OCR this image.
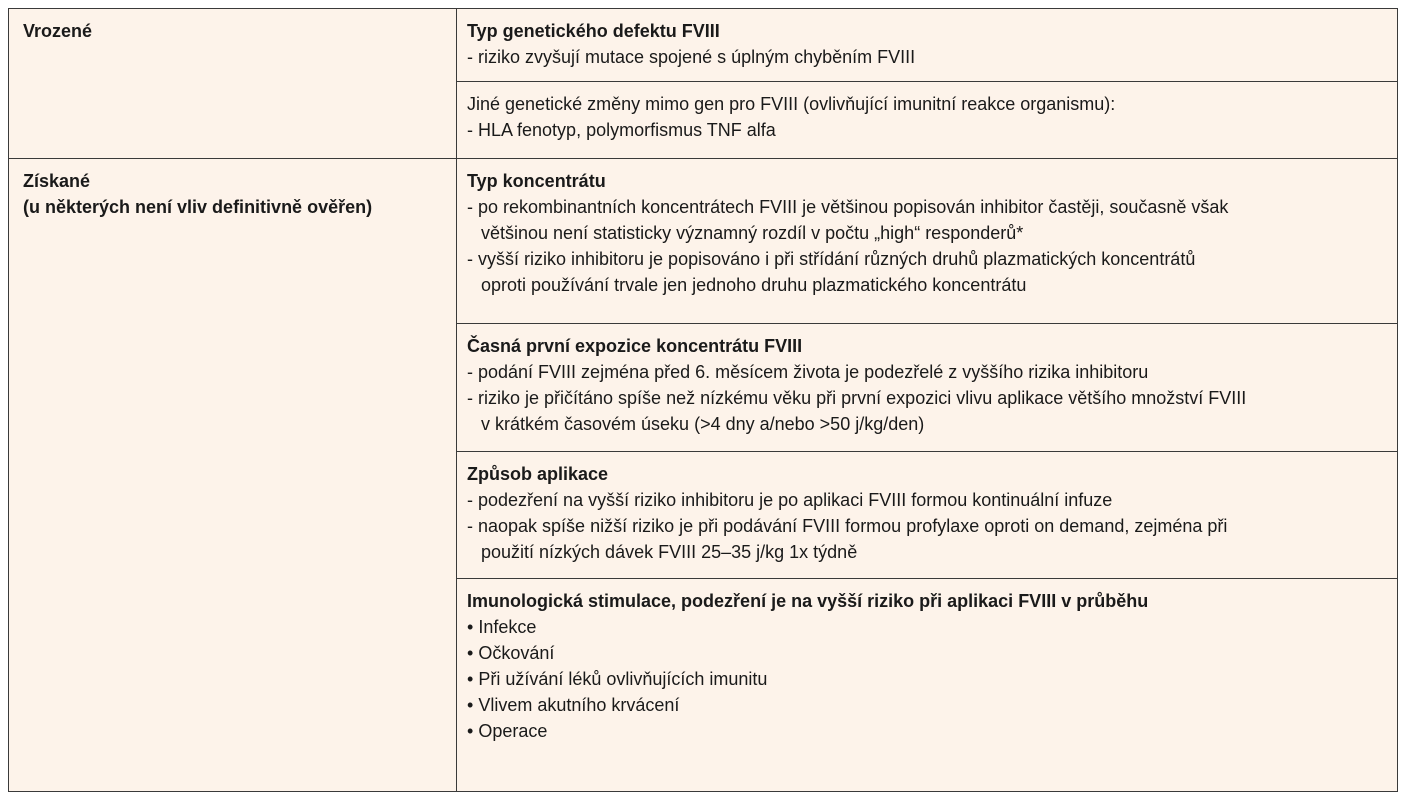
Vrozené	Typ genetického defektu FVIII
- riziko zvyšují mutace spojené s úplným chyběním FVIII
Jiné genetické změny mimo gen pro FVIII (ovlivňující imunitní reakce organismu):
- HLA fenotyp, polymorfismus TNF alfa
Získané
(u některých není vliv definitivně ověřen)
Typ koncentrátu
- po rekombinantních koncentrátech FVIII je většinou popisován inhibitor častěji, současně však
většinou není statisticky významný rozdíl v počtu „high“ responderů*
- vyšší riziko inhibitoru je popisováno i při střídání různých druhů plazmatických koncentrátů
oproti používání trvale jen jednoho druhu plazmatického koncentrátu
Časná první expozice koncentrátu FVIII
- podání FVIII zejména před 6. měsícem života je podezřelé z vyššího rizika inhibitoru
- riziko je přičítáno spíše než nízkému věku při první expozici vlivu aplikace většího množství FVIII
v krátkém časovém úseku (>4 dny a/nebo >50 j/kg/den)
Způsob aplikace
- podezření na vyšší riziko inhibitoru je po aplikaci FVIII formou kontinuální infuze
- naopak spíše nižší riziko je při podávání FVIII formou profylaxe oproti on demand, zejména při
použití nízkých dávek FVIII 25–35 j/kg 1x týdně
Imunologická stimulace, podezření je na vyšší riziko při aplikaci FVIII v průběhu
• Infekce
• Očkování
• Při užívání léků ovlivňujících imunitu
• Vlivem akutního krvácení
• Operace
